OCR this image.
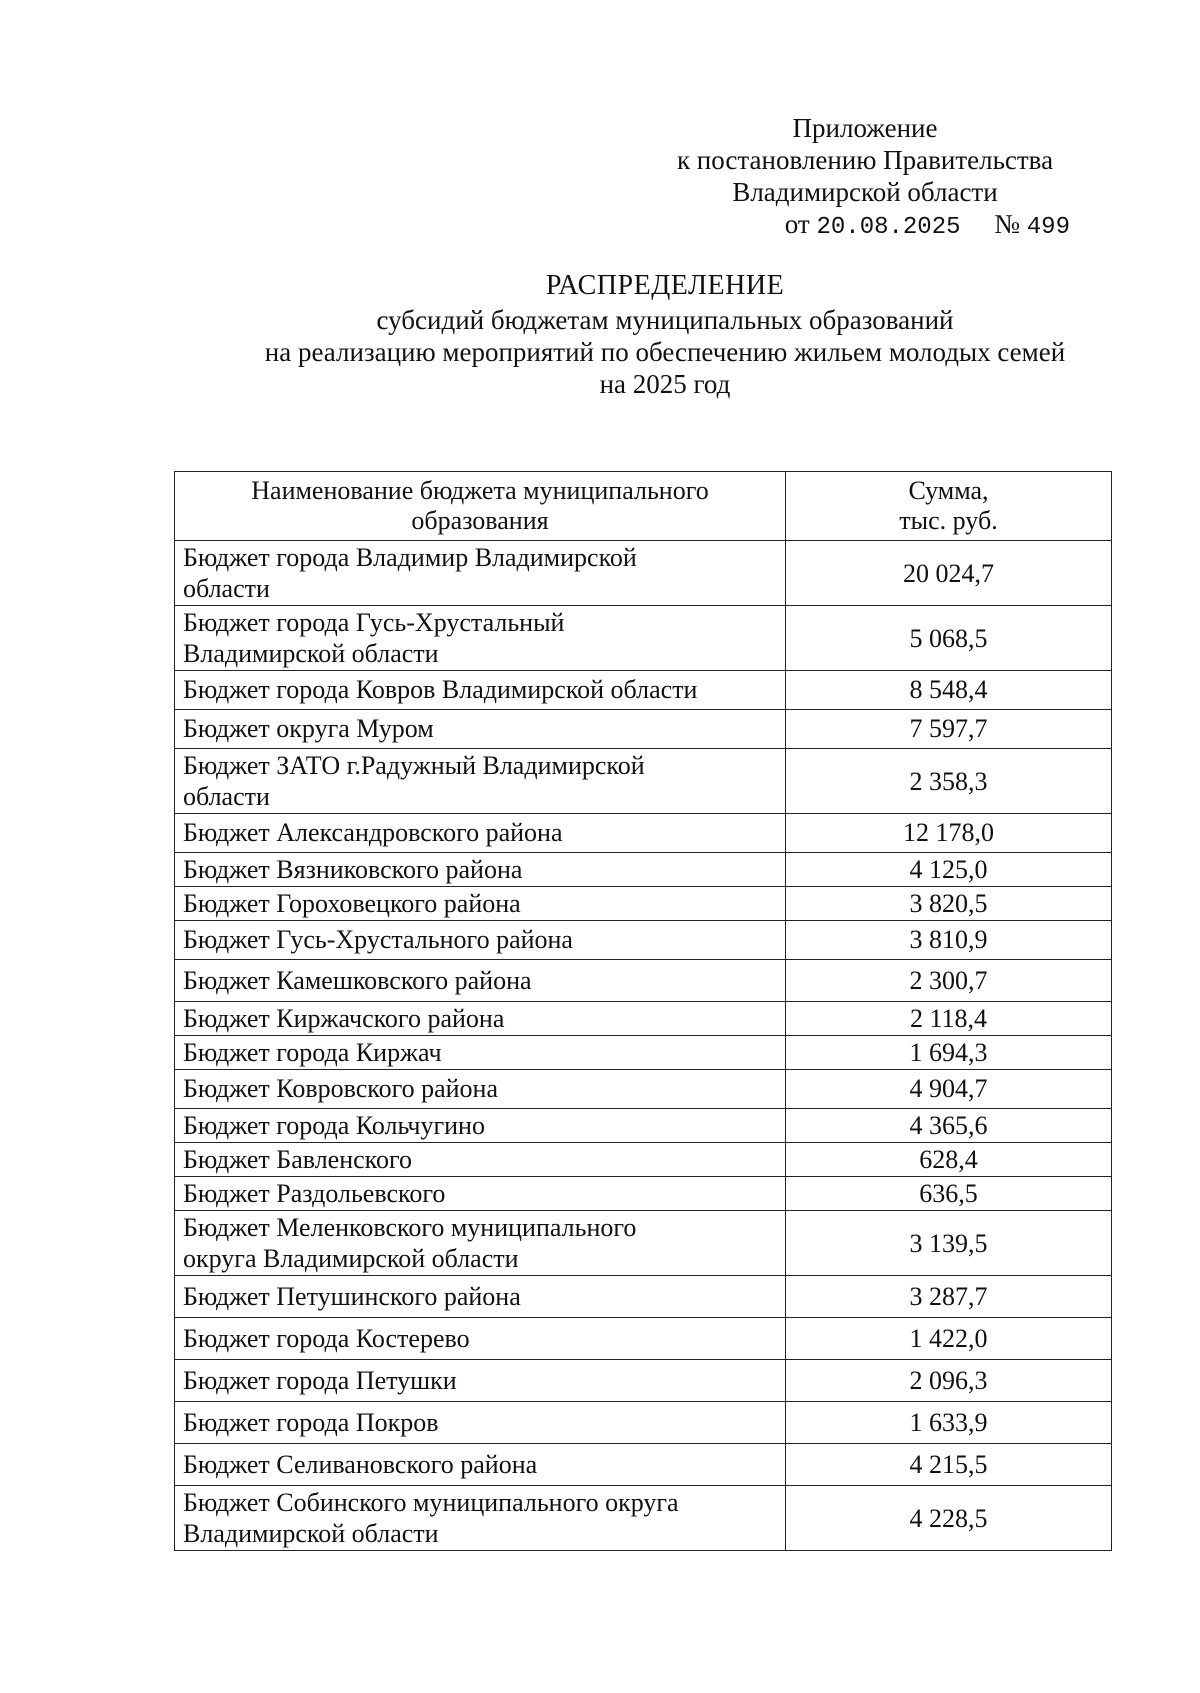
Приложение
к постановлению Правительства
Владимирской области
от 20.08.2025 № 499
РАСПРЕДЕЛЕНИЕ
субсидий бюджетам муниципальных образований
на реализацию мероприятий по обеспечению жильем молодых семей
на 2025 год
Наименование бюджета муниципального
образования	Сумма,
тыс. руб.
Бюджет города Владимир Владимирской
области	20 024,7
Бюджет города Гусь-Хрустальный
Владимирской области	5 068,5
Бюджет города Ковров Владимирской области	8 548,4
Бюджет округа Муром	7 597,7
Бюджет ЗАТО г.Радужный Владимирской
области	2 358,3
Бюджет Александровского района	12 178,0
Бюджет Вязниковского района	4 125,0
Бюджет Гороховецкого района	3 820,5
Бюджет Гусь-Хрустального района	3 810,9
Бюджет Камешковского района	2 300,7
Бюджет Киржачского района	2 118,4
Бюджет города Киржач	1 694,3
Бюджет Ковровского района	4 904,7
Бюджет города Кольчугино	4 365,6
Бюджет Бавленского	628,4
Бюджет Раздольевского	636,5
Бюджет Меленковского муниципального
округа Владимирской области	3 139,5
Бюджет Петушинского района	3 287,7
Бюджет города Костерево	1 422,0
Бюджет города Петушки	2 096,3
Бюджет города Покров	1 633,9
Бюджет Селивановского района	4 215,5
Бюджет Собинского муниципального округа
Владимирской области	4 228,5
